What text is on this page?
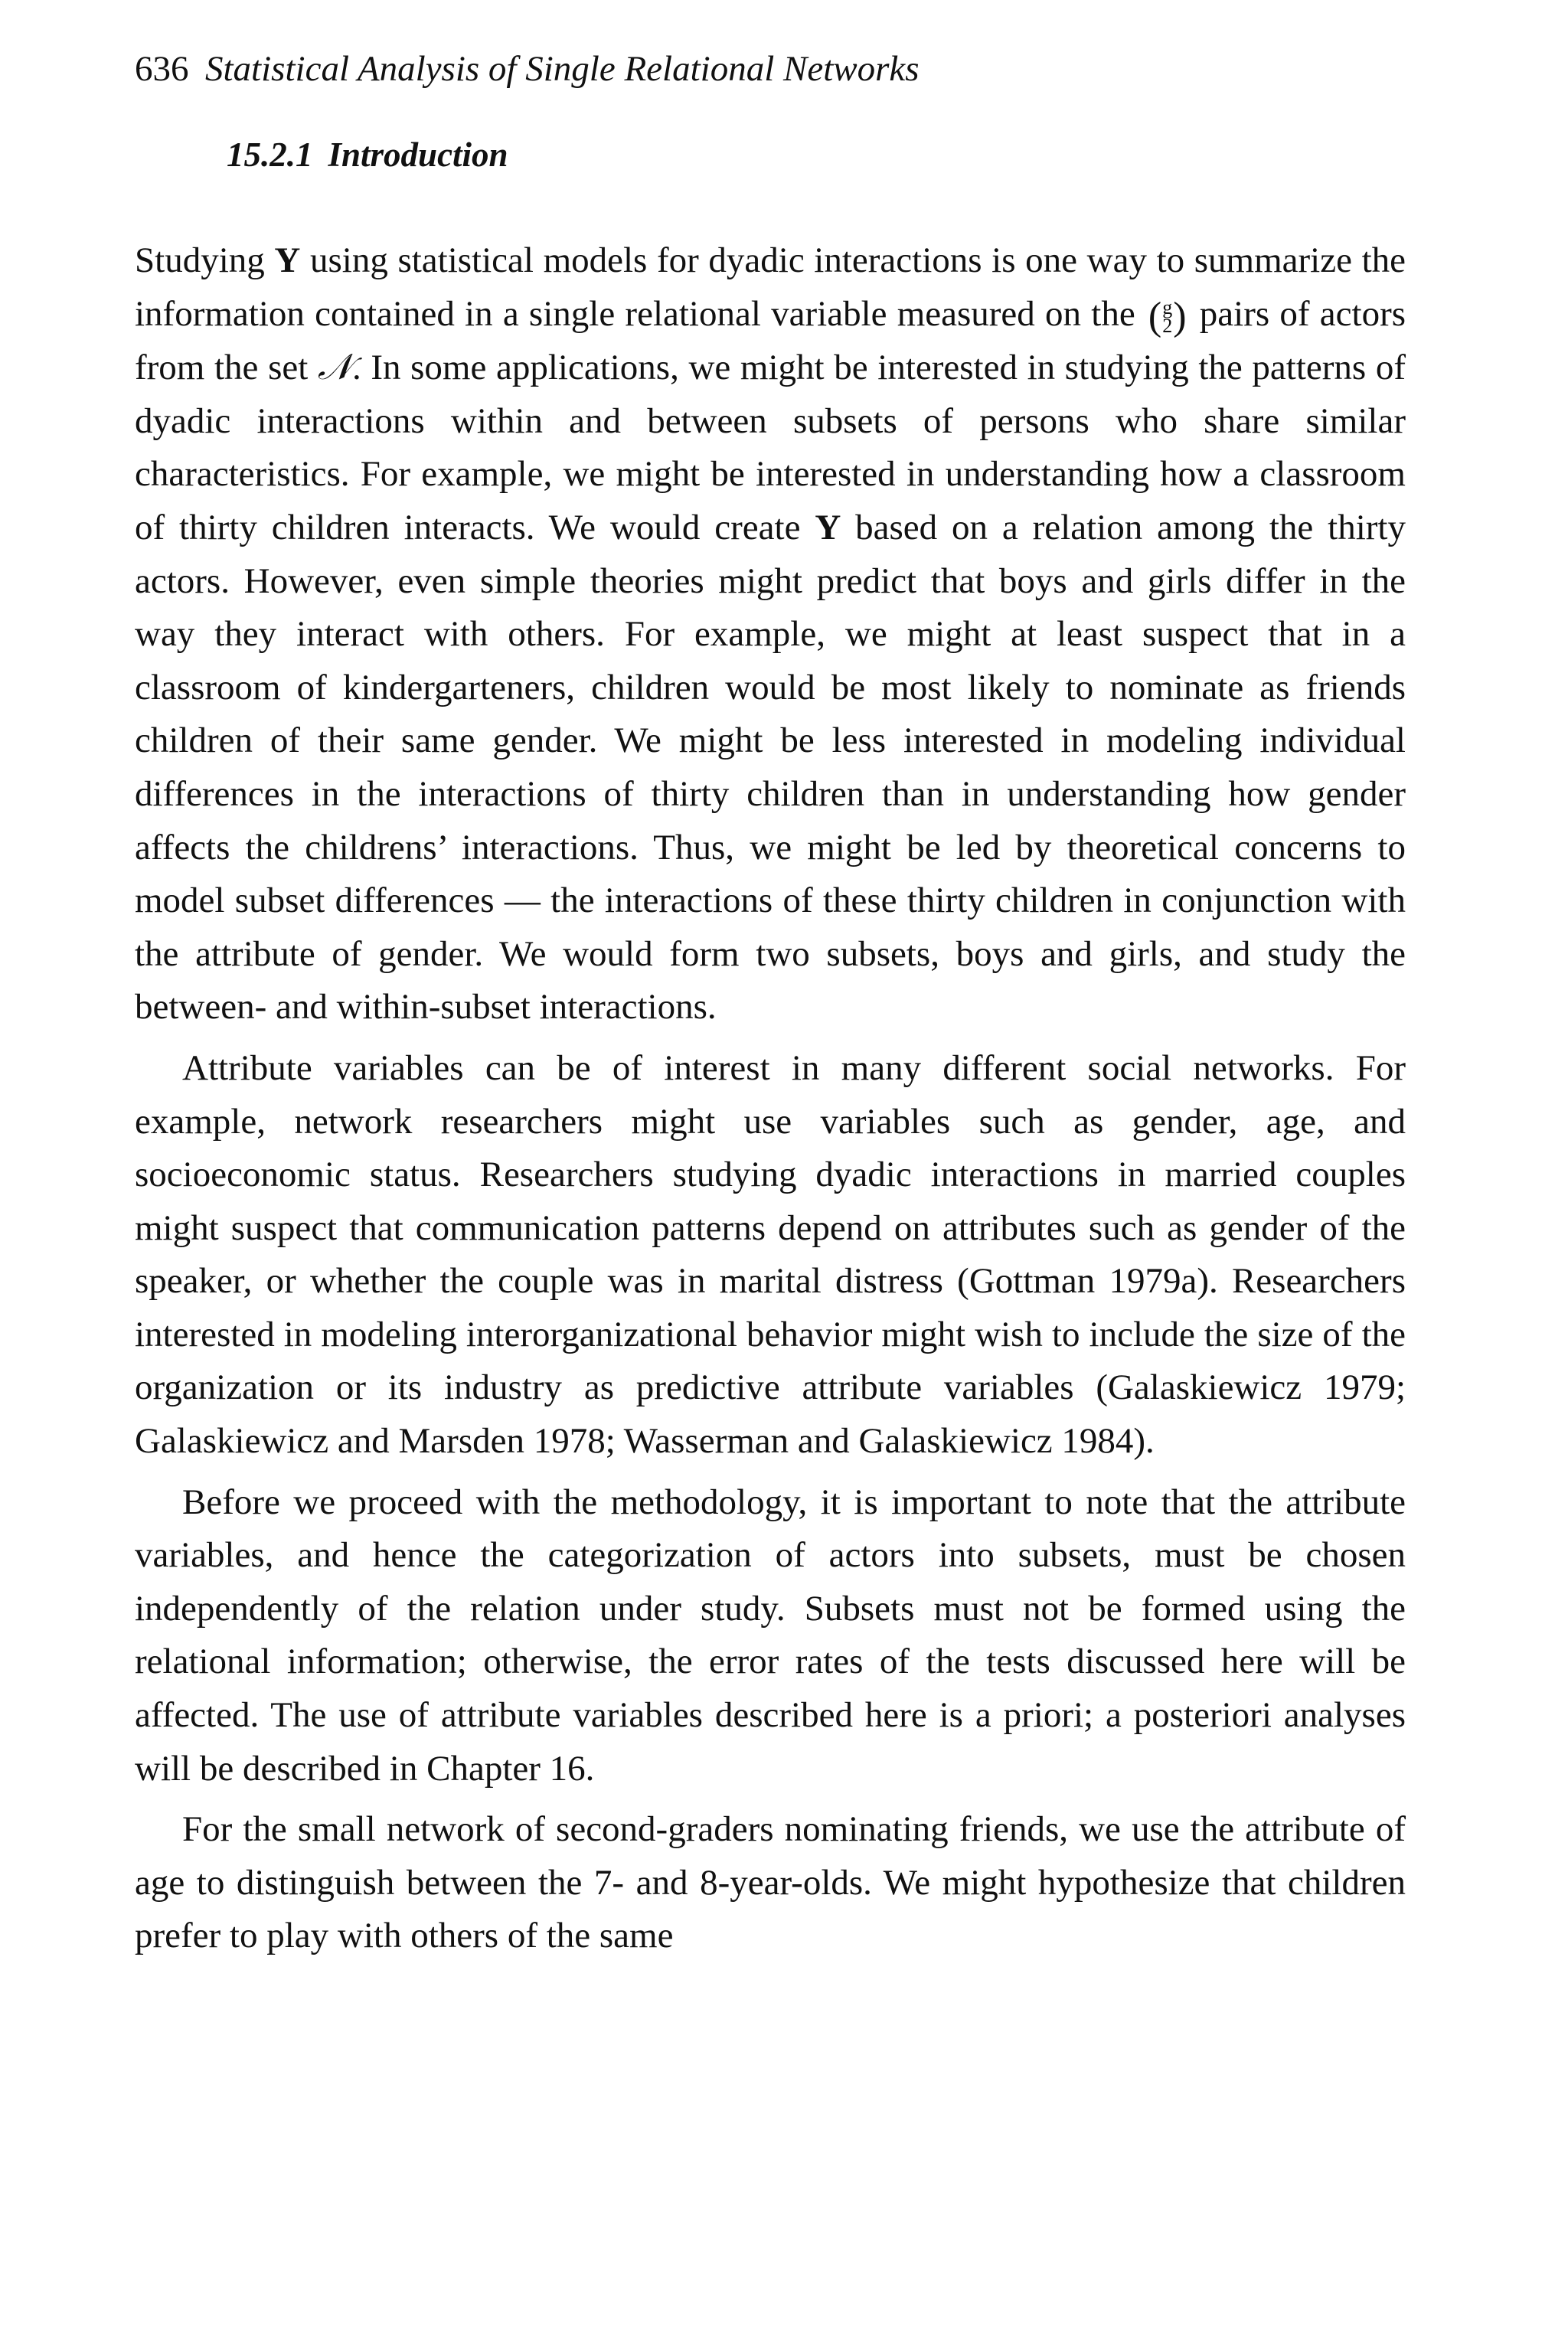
636 Statistical Analysis of Single Relational Networks
15.2.1 Introduction

Studying Y using statistical models for dyadic interactions is one way to summarize the information contained in a single relational variable measured on the ( g
2 ) pairs of actors from the set 𝒩. In some applications, we might be interested in studying the patterns of dyadic interactions within and between subsets of persons who share similar characteristics. For example, we might be interested in understanding how a classroom of thirty children interacts. We would create Y based on a relation among the thirty actors. However, even simple theories might predict that boys and girls differ in the way they interact with others. For example, we might at least suspect that in a classroom of kindergarteners, children would be most likely to nominate as friends children of their same gender. We might be less interested in modeling individual differences in the interactions of thirty children than in understanding how gender affects the childrens’ interactions. Thus, we might be led by theoretical concerns to model subset differences — the interactions of these thirty children in conjunction with the attribute of gender. We would form two subsets, boys and girls, and study the between- and within-subset interactions.

Attribute variables can be of interest in many different social networks. For example, network researchers might use variables such as gender, age, and socioeconomic status. Researchers studying dyadic interactions in married couples might suspect that communication patterns depend on attributes such as gender of the speaker, or whether the couple was in marital distress (Gottman 1979a). Researchers interested in modeling interorganizational behavior might wish to include the size of the organization or its industry as predictive attribute variables (Galaskiewicz 1979; Galaskiewicz and Marsden 1978; Wasserman and Galaskiewicz 1984).

Before we proceed with the methodology, it is important to note that the attribute variables, and hence the categorization of actors into subsets, must be chosen independently of the relation under study. Subsets must not be formed using the relational information; otherwise, the error rates of the tests discussed here will be affected. The use of attribute variables described here is a priori; a posteriori analyses will be described in Chapter 16.

For the small network of second-graders nominating friends, we use the attribute of age to distinguish between the 7- and 8-year-olds. We might hypothesize that children prefer to play with others of the same
